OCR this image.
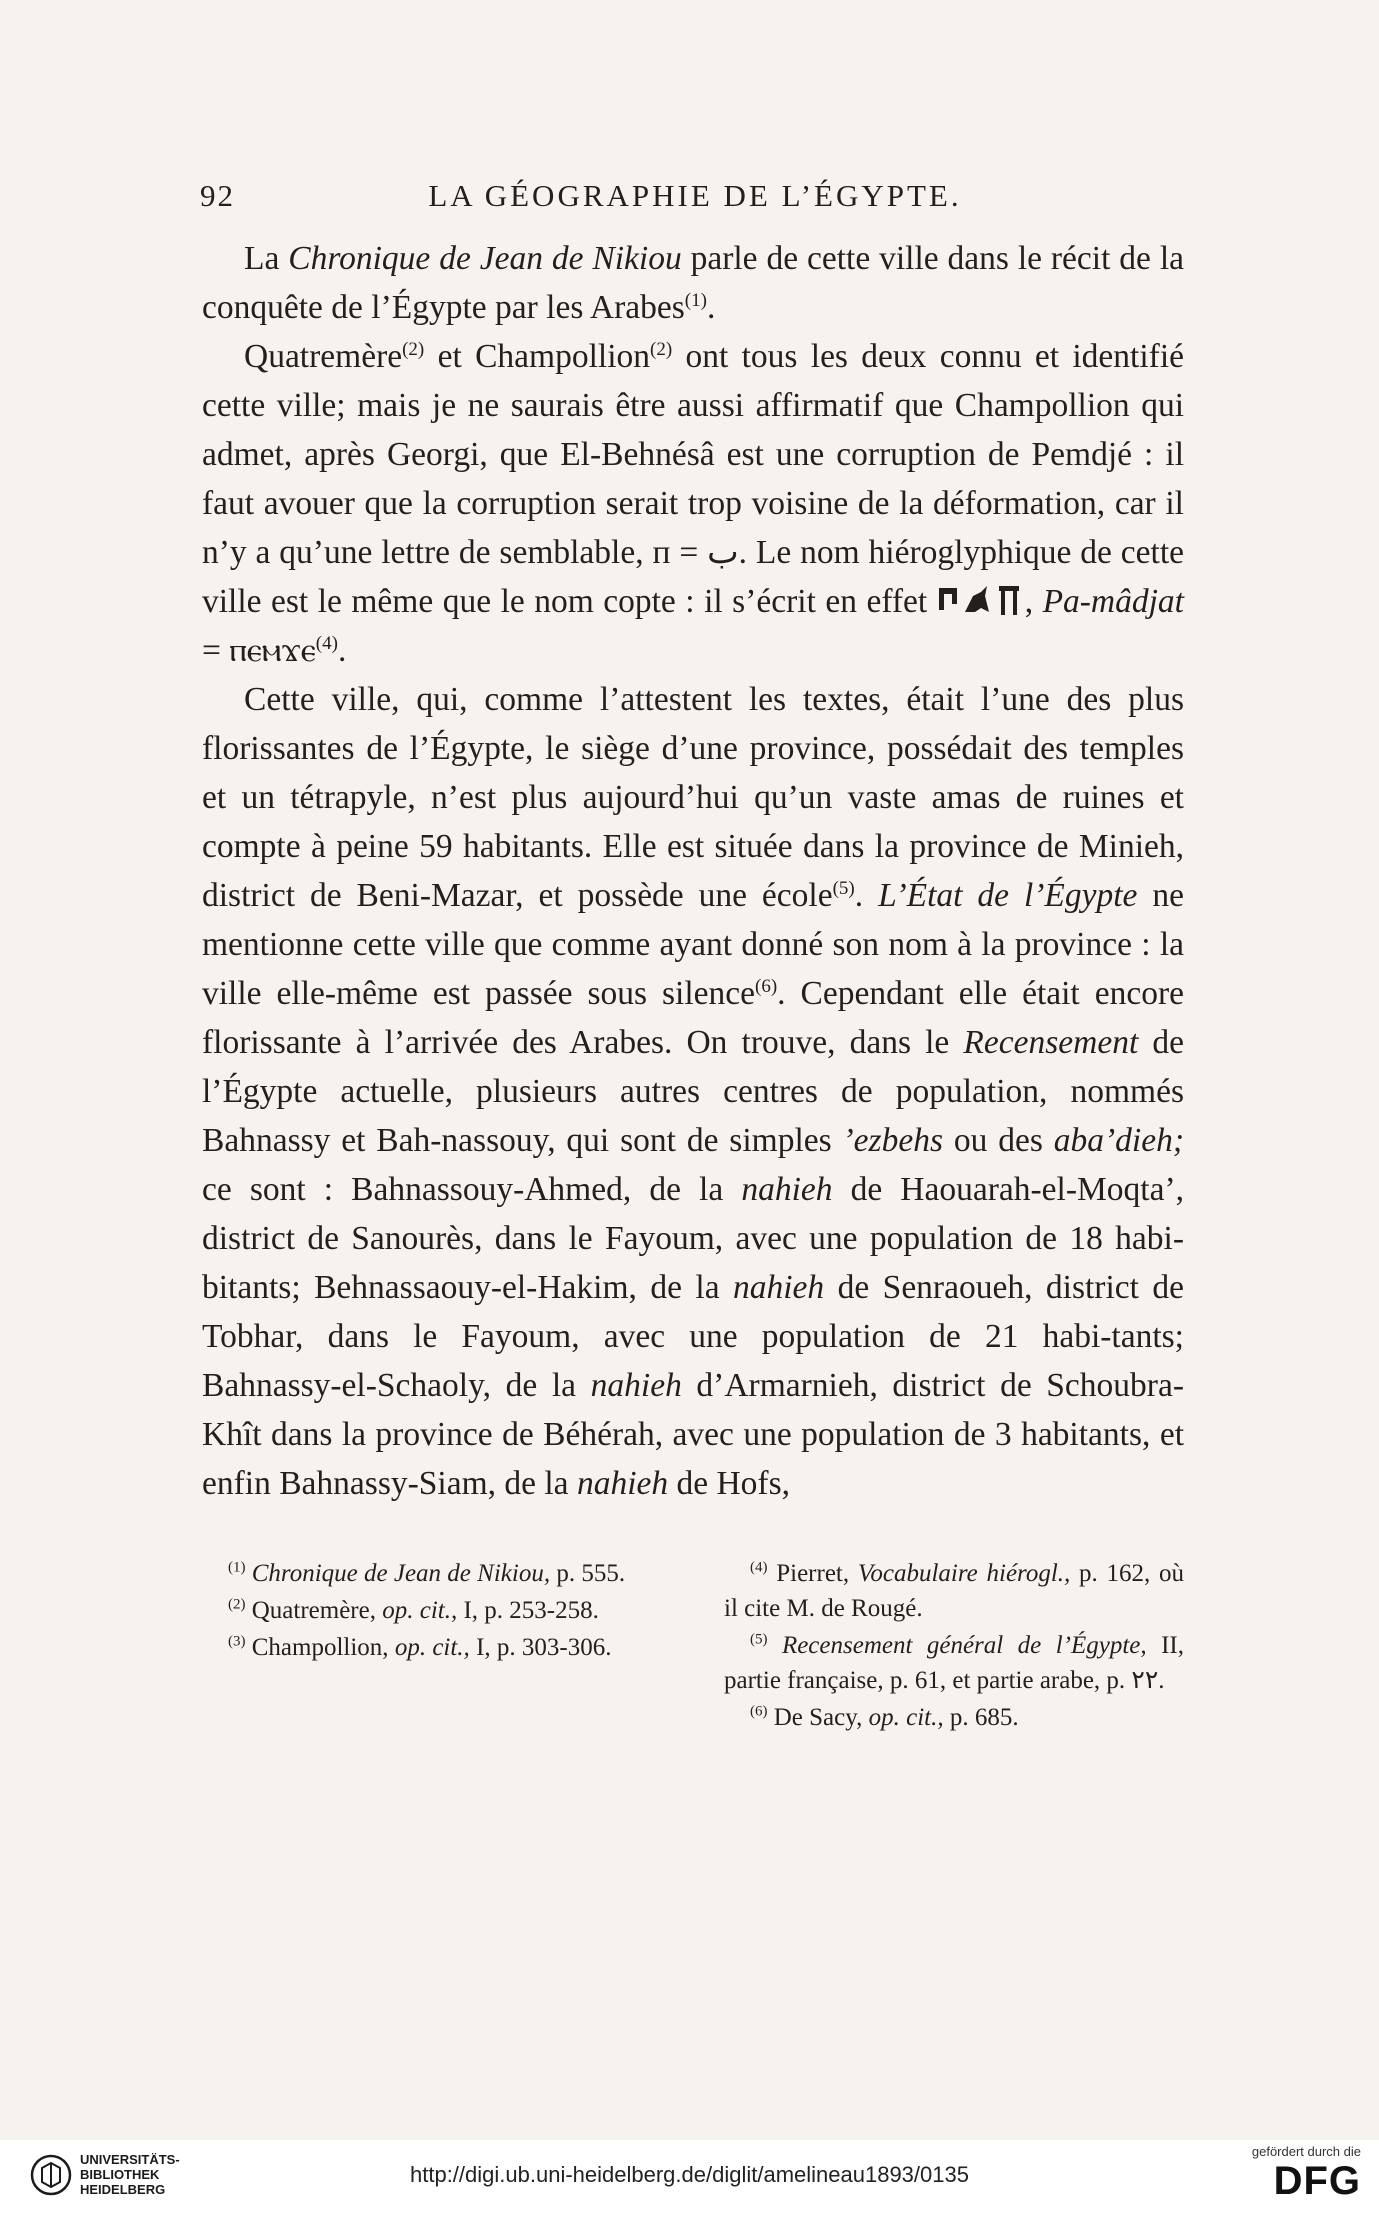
92	LA GÉOGRAPHIE DE L’ÉGYPTE.

La Chronique de Jean de Nikiou parle de cette ville dans le récit de la conquête de l’Égypte par les Arabes$^{(1)}$.

Quatremère$^{(2)}$ et Champollion$^{(2)}$ ont tous les deux connu et identifié cette ville; mais je ne saurais être aussi affirmatif que Champollion qui admet, après Georgi, que El-Behnésâ est une corruption de Pemdjé : il faut avouer que la corruption serait trop voisine de la déformation, car il n’y a qu’une lettre de semblable, п = ب. Le nom hiéroglyphique de cette ville est le même que le nom copte : il s’écrit en effet	, Pa-mâdjat = ⲡⲉⲙϫⲉ$^{(4)}$.

Cette ville, qui, comme l’attestent les textes, était l’une des plus florissantes de l’Égypte, le siège d’une province, possédait des temples et un tétrapyle, n’est plus aujourd’hui qu’un vaste amas de ruines et compte à peine 59 habitants. Elle est située dans la province de Minieh, district de Beni-Mazar, et possède une école$^{(5)}$. L’État de l’Égypte ne mentionne cette ville que comme ayant donné son nom à la province : la ville elle-même est passée sous silence$^{(6)}$. Cependant elle était encore florissante à l’arrivée des Arabes. On trouve, dans le Recensement de l’Égypte actuelle, plusieurs autres centres de population, nommés Bahnassy et Bah-nassouy, qui sont de simples ’ezbehs ou des aba’dieh; ce sont : Bahnassouy-Ahmed, de la nahieh de Haouarah-el-Moqta’, district de Sanourès, dans le Fayoum, avec une population de 18 habi-bitants; Behnassaouy-el-Hakim, de la nahieh de Senraoueh, district de Tobhar, dans le Fayoum, avec une population de 21 habi-tants; Bahnassy-el-Schaoly, de la nahieh d’Armarnieh, district de Schoubra-Khît dans la province de Béhérah, avec une population de 3 habitants, et enfin Bahnassy-Siam, de la nahieh de Hofs,

$^{(1)}$ Chronique de Jean de Nikiou, p. 555.

$^{(2)}$ Quatremère, op. cit., I, p. 253-258.

$^{(3)}$ Champollion, op. cit., I, p. 303-306.

$^{(4)}$ Pierret, Vocabulaire hiérogl., p. 162, où il cite M. de Rougé.

$^{(5)}$ Recensement général de l’Égypte, II, partie française, p. 61, et partie arabe, p. ۲۲.

$^{(6)}$ De Sacy, op. cit., p. 685.

UNIVERSITÄTS-
BIBLIOTHEK
HEIDELBERG
http://digi.ub.uni-heidelberg.de/diglit/amelineau1893/0135
gefördert durch die
DFG
